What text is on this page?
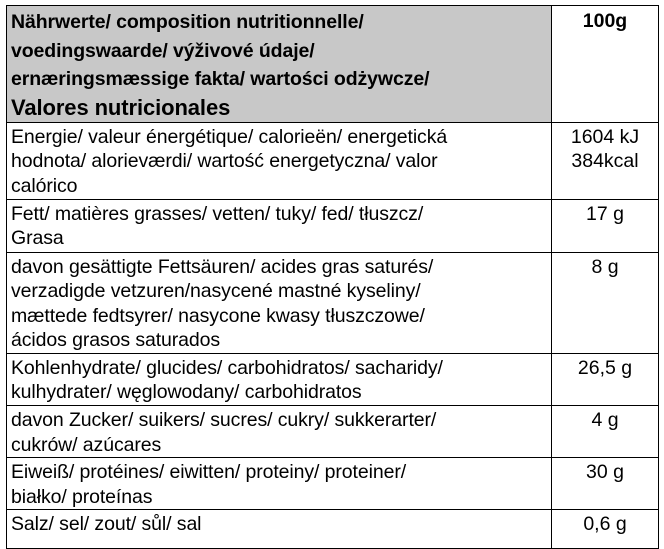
Nährwerte/ composition nutritionnelle/
voedingswaarde/ výživové údaje/
ernæringsmæssige fakta/ wartości odżywcze/
Valores nutricionales	100g

Energie/ valeur énergétique/ calorieën/ energetická
hodnota/ alorieværdi/ wartość energetyczna/ valor
calórico	1604 kJ
384kcal

Fett/ matières grasses/ vetten/ tuky/ fed/ tłuszcz/
Grasa	17 g

davon gesättigte Fettsäuren/ acides gras saturés/
verzadigde vetzuren/nasycené mastné kyseliny/
mættede fedtsyrer/ nasycone kwasy tłuszczowe/
ácidos grasos saturados	8 g

Kohlenhydrate/ glucides/ carbohidratos/ sacharidy/
kulhydrater/ węglowodany/ carbohidratos	26,5 g

davon Zucker/ suikers/ sucres/ cukry/ sukkerarter/
cukrów/ azúcares	4 g

Eiweiß/ protéines/ eiwitten/ proteiny/ proteiner/
białko/ proteínas	30 g

Salz/ sel/ zout/ sůl/ sal	0,6 g
